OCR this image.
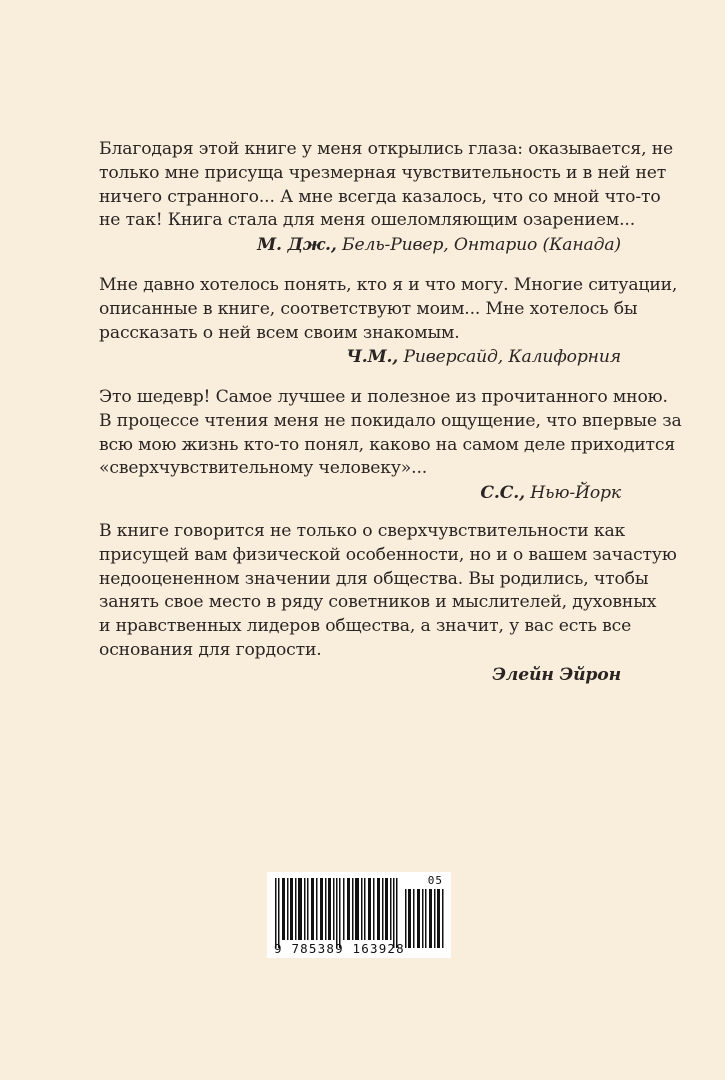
Благодаря этой книге у меня открылись глаза: оказывается, не
только мне присуща чрезмерная чувствительность и в ней нет
ничего странного... А мне всегда казалось, что со мной что-то
не так! Книга стала для меня ошеломляющим озарением...

М. Дж., Бель-Ривер, Онтарио (Канада)

Мне давно хотелось понять, кто я и что могу. Многие ситуации,
описанные в книге, соответствуют моим... Мне хотелось бы
рассказать о ней всем своим знакомым.

Ч.М., Риверсайд, Калифорния

Это шедевр! Самое лучшее и полезное из прочитанного мною.
В процессе чтения меня не покидало ощущение, что впервые за
всю мою жизнь кто-то понял, каково на самом деле приходится
«сверхчувствительному человеку»...

С.С., Нью-Йорк

В книге говорится не только о сверхчувствительности как
присущей вам физической особенности, но и о вашем зачастую
недооцененном значении для общества. Вы родились, чтобы
занять свое место в ряду советников и мыслителей, духовных
и нравственных лидеров общества, а значит, у вас есть все
основания для гордости.

Элейн Эйрон
05
9 785389 163928
